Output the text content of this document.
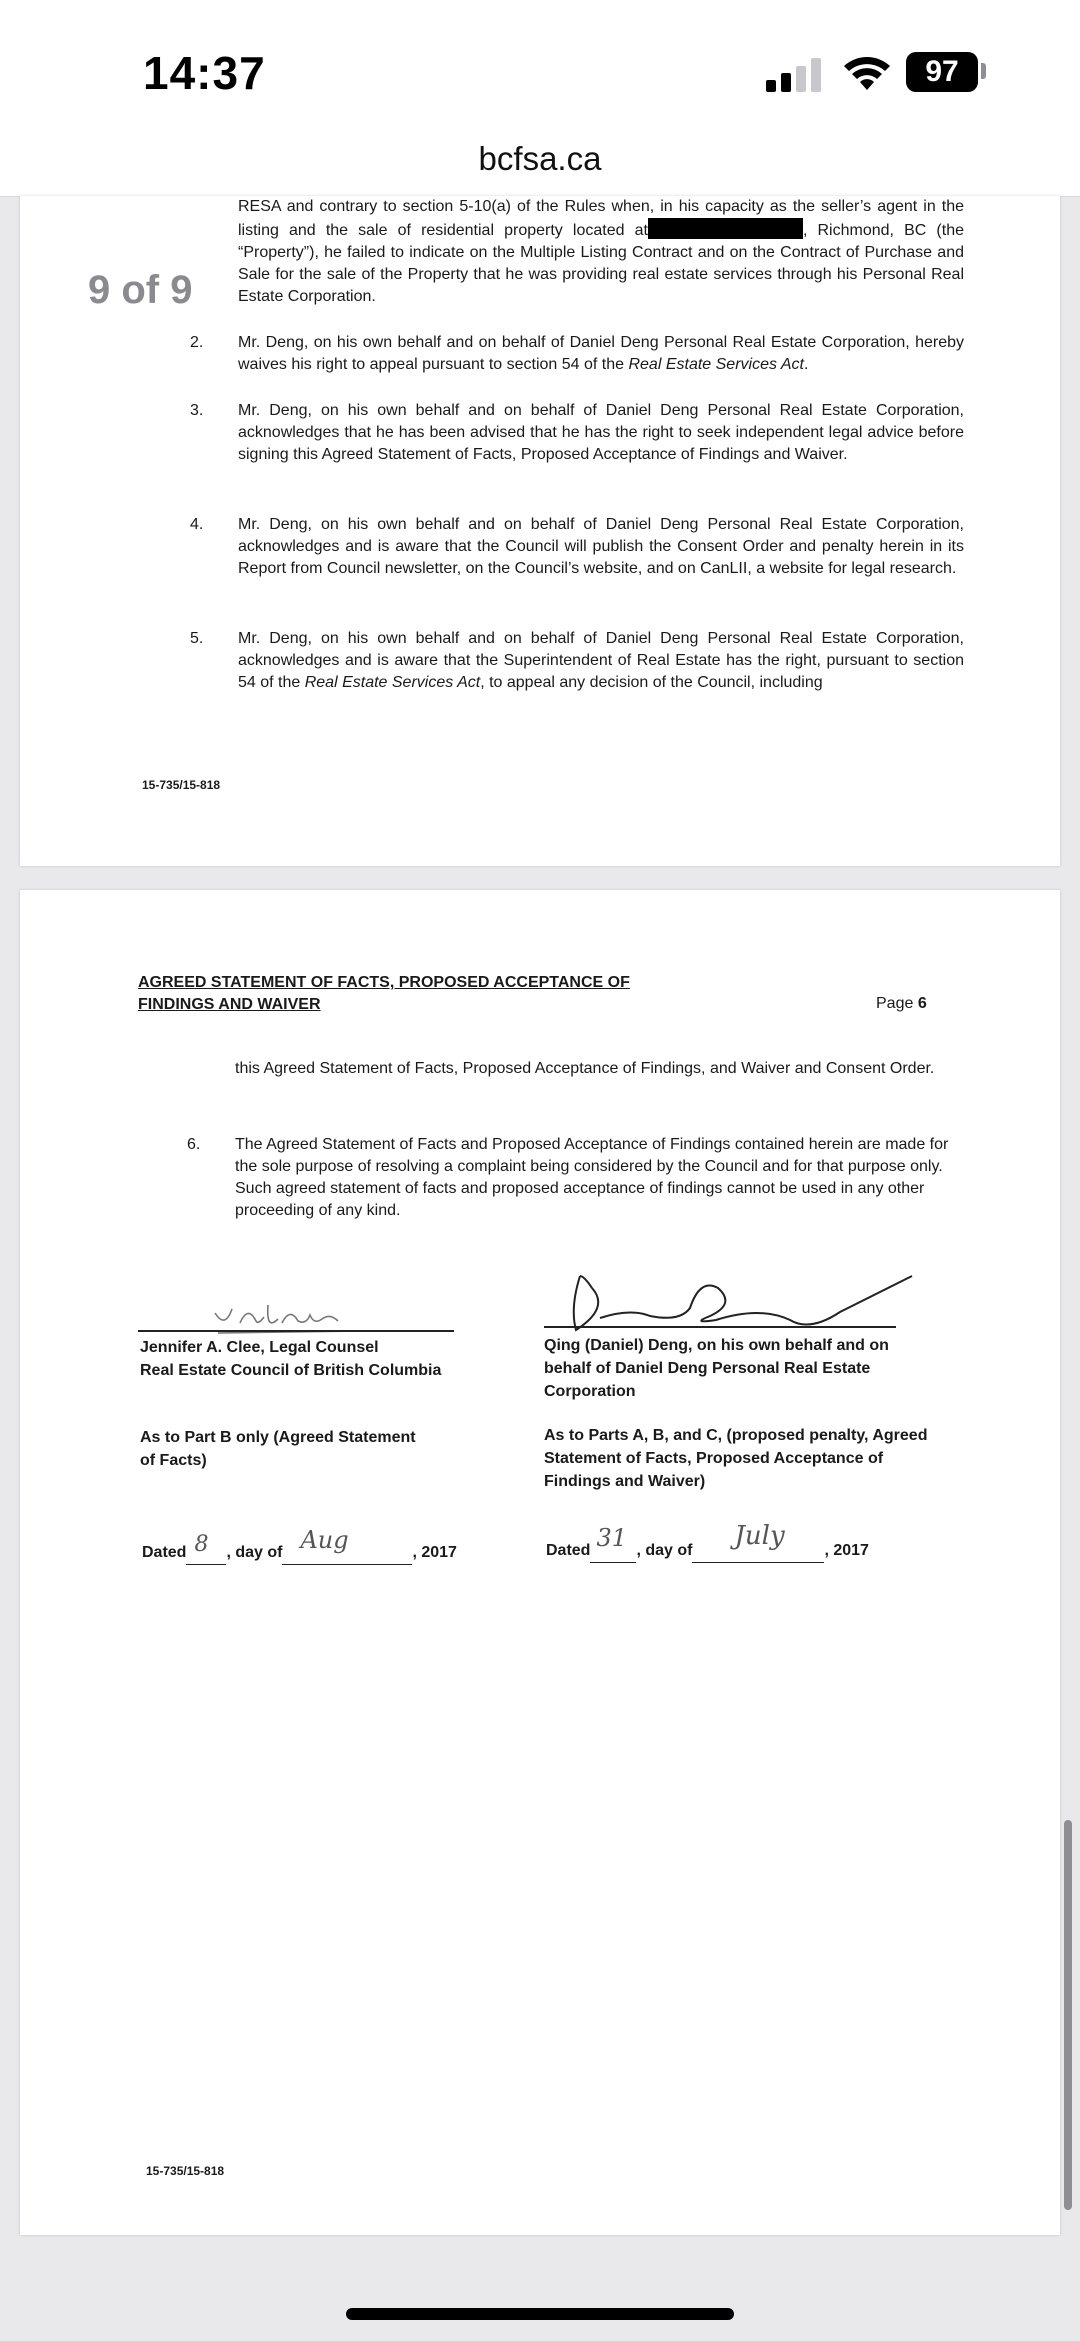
14:37	97
bcfsa.ca
RESA and contrary to section 5-10(a) of the Rules when, in his capacity as the seller’s agent in the listing and the sale of residential property located at	, Richmond, BC (the “Property”), he failed to indicate on the Multiple Listing Contract and on the Contract of Purchase and Sale for the sale of the Property that he was providing real estate services through his Personal Real Estate Corporation.
2. Mr. Deng, on his own behalf and on behalf of Daniel Deng Personal Real Estate Corporation, hereby waives his right to appeal pursuant to section 54 of the Real Estate Services Act.
3. Mr. Deng, on his own behalf and on behalf of Daniel Deng Personal Real Estate Corporation, acknowledges that he has been advised that he has the right to seek independent legal advice before signing this Agreed Statement of Facts, Proposed Acceptance of Findings and Waiver.
4. Mr. Deng, on his own behalf and on behalf of Daniel Deng Personal Real Estate Corporation, acknowledges and is aware that the Council will publish the Consent Order and penalty herein in its Report from Council newsletter, on the Council’s website, and on CanLII, a website for legal research.
5. Mr. Deng, on his own behalf and on behalf of Daniel Deng Personal Real Estate Corporation, acknowledges and is aware that the Superintendent of Real Estate has the right, pursuant to section 54 of the Real Estate Services Act, to appeal any decision of the Council, including
15-735/15-818
9 of 9
AGREED STATEMENT OF FACTS, PROPOSED ACCEPTANCE OF
FINDINGS AND WAIVER	Page 6
this Agreed Statement of Facts, Proposed Acceptance of Findings, and Waiver and Consent Order.
6. The Agreed Statement of Facts and Proposed Acceptance of Findings contained herein are made for the sole purpose of resolving a complaint being considered by the Council and for that purpose only. Such agreed statement of facts and proposed acceptance of findings cannot be used in any other proceeding of any kind.
Jennifer A. Clee, Legal Counsel
Real Estate Council of British Columbia
Qing (Daniel) Deng, on his own behalf and on
behalf of Daniel Deng Personal Real Estate
Corporation
As to Part B only (Agreed Statement
of Facts)
As to Parts A, B, and C, (proposed penalty, Agreed
Statement of Facts, Proposed Acceptance of
Findings and Waiver)
Dated 8 , day of Aug	, 2017	Dated 31 , day of July , 2017
15-735/15-818
